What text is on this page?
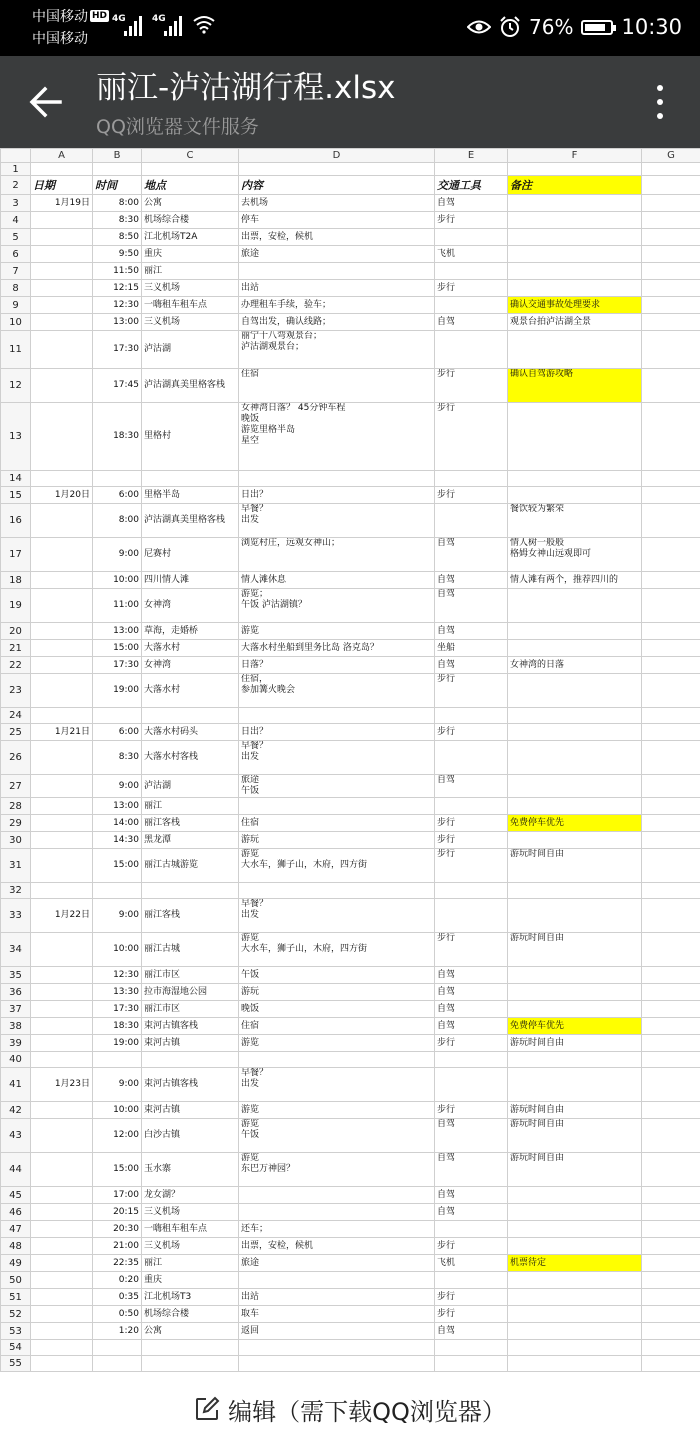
中国移动
中国移动
HD 4G	4G	76% 10:30
丽江-泸沽湖行程.xlsx
QQ浏览器文件服务
	A	B	C	D	E	F	G
1							
2	日期	时间	地点	内容	交通工具	备注	
3	1月19日	8:00	公寓	去机场	自驾		
4		8:30	机场综合楼	停车	步行		
5		8:50	江北机场T2A	出票，安检，候机			
6		9:50	重庆	旅途	飞机		
7		11:50	丽江				
8		12:15	三义机场	出站	步行		
9		12:30	一嗨租车租车点	办理租车手续，验车；		确认交通事故处理要求	
10		13:00	三义机场	自驾出发，确认线路；	自驾	观景台拍泸沽湖全景	
11		17:30	泸沽湖	丽宁十八弯观景台；
泸沽湖观景台；			
12		17:45	泸沽湖真美里格客栈	住宿	步行	确认自驾游攻略	
13		18:30	里格村	女神湾日落？ 45分钟车程
晚饭
游览里格半岛
星空	步行		
14							
15	1月20日	6:00	里格半岛	日出？	步行		
16		8:00	泸沽湖真美里格客栈	早餐？
出发		餐饮较为繁荣	
17		9:00	尼赛村	浏览村庄，远观女神山；	自驾	情人树一般般
格姆女神山远观即可	
18		10:00	四川情人滩	情人滩休息	自驾	情人滩有两个，推荐四川的	
19		11:00	女神湾	游览；
午饭 泸沽湖镇？	自驾		
20		13:00	草海，走婚桥	游览	自驾		
21		15:00	大落水村	大落水村坐船到里务比岛 洛克岛？	坐船		
22		17:30	女神湾	日落？	自驾	女神湾的日落	
23		19:00	大落水村	住宿，
参加篝火晚会	步行		
24							
25	1月21日	6:00	大落水村码头	日出？	步行		
26		8:30	大落水村客栈	早餐？
出发			
27		9:00	泸沽湖	旅途
午饭	自驾		
28		13:00	丽江				
29		14:00	丽江客栈	住宿	步行	免费停车优先	
30		14:30	黑龙潭	游玩	步行		
31		15:00	丽江古城游览	游览
大水车，狮子山，木府，四方街	步行	游玩时间自由	
32							
33	1月22日	9:00	丽江客栈	早餐？
出发			
34		10:00	丽江古城	游览
大水车，狮子山，木府，四方街	步行	游玩时间自由	
35		12:30	丽江市区	午饭	自驾		
36		13:30	拉市海湿地公园	游玩	自驾		
37		17:30	丽江市区	晚饭	自驾		
38		18:30	束河古镇客栈	住宿	自驾	免费停车优先	
39		19:00	束河古镇	游览	步行	游玩时间自由	
40							
41	1月23日	9:00	束河古镇客栈	早餐？
出发			
42		10:00	束河古镇	游览	步行	游玩时间自由	
43		12:00	白沙古镇	游览
午饭	自驾	游玩时间自由	
44		15:00	玉水寨	游览
东巴万神园？	自驾	游玩时间自由	
45		17:00	龙女湖？		自驾		
46		20:15	三义机场		自驾		
47		20:30	一嗨租车租车点	还车；			
48		21:00	三义机场	出票，安检，候机	步行		
49		22:35	丽江	旅途	飞机	机票待定	
50		0:20	重庆				
51		0:35	江北机场T3	出站	步行		
52		0:50	机场综合楼	取车	步行		
53		1:20	公寓	返回	自驾		
54							
55							
编辑（需下载QQ浏览器）
